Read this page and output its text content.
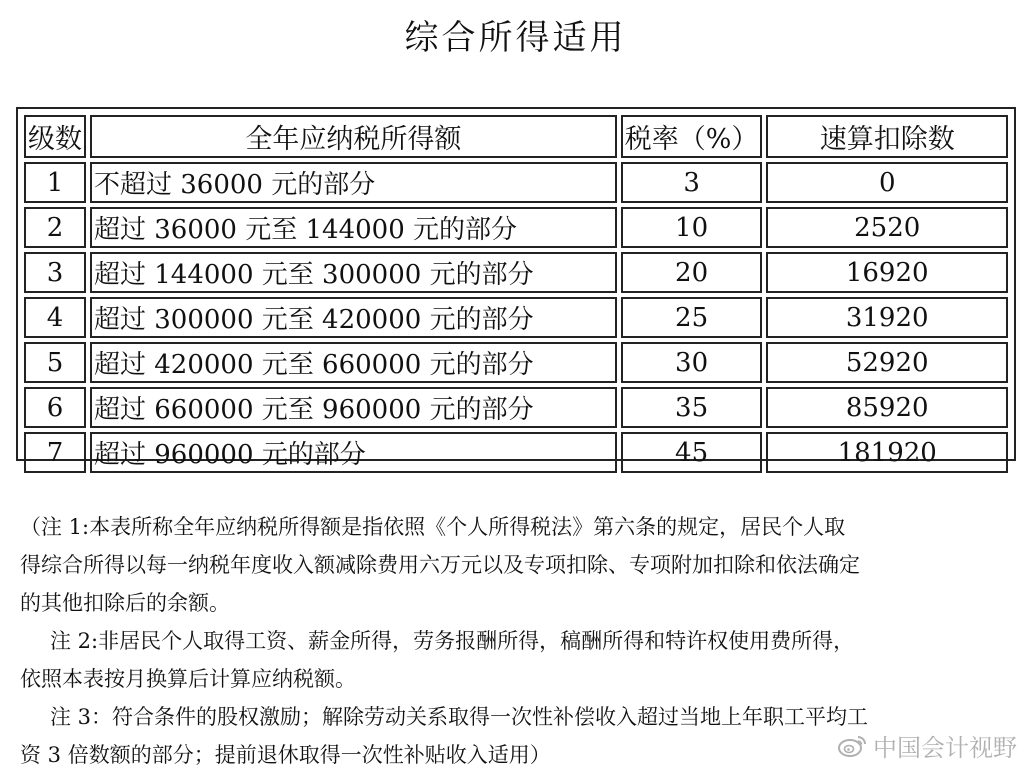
综合所得适用
级数	全年应纳税所得额	税率（%）	速算扣除数
1	不超过 36000 元的部分	3	0
2	超过 36000 元至 144000 元的部分	10	2520
3	超过 144000 元至 300000 元的部分	20	16920
4	超过 300000 元至 420000 元的部分	25	31920
5	超过 420000 元至 660000 元的部分	30	52920
6	超过 660000 元至 960000 元的部分	35	85920
7	超过 960000 元的部分	45	181920

（注 1:本表所称全年应纳税所得额是指依照《个人所得税法》第六条的规定，居民个人取

得综合所得以每一纳税年度收入额减除费用六万元以及专项扣除、专项附加扣除和依法确定

的其他扣除后的余额。

注 2:非居民个人取得工资、薪金所得，劳务报酬所得，稿酬所得和特许权使用费所得，

依照本表按月换算后计算应纳税额。

注 3：符合条件的股权激励；解除劳动关系取得一次性补偿收入超过当地上年职工平均工

资 3 倍数额的部分；提前退休取得一次性补贴收入适用）	中国会计视野
